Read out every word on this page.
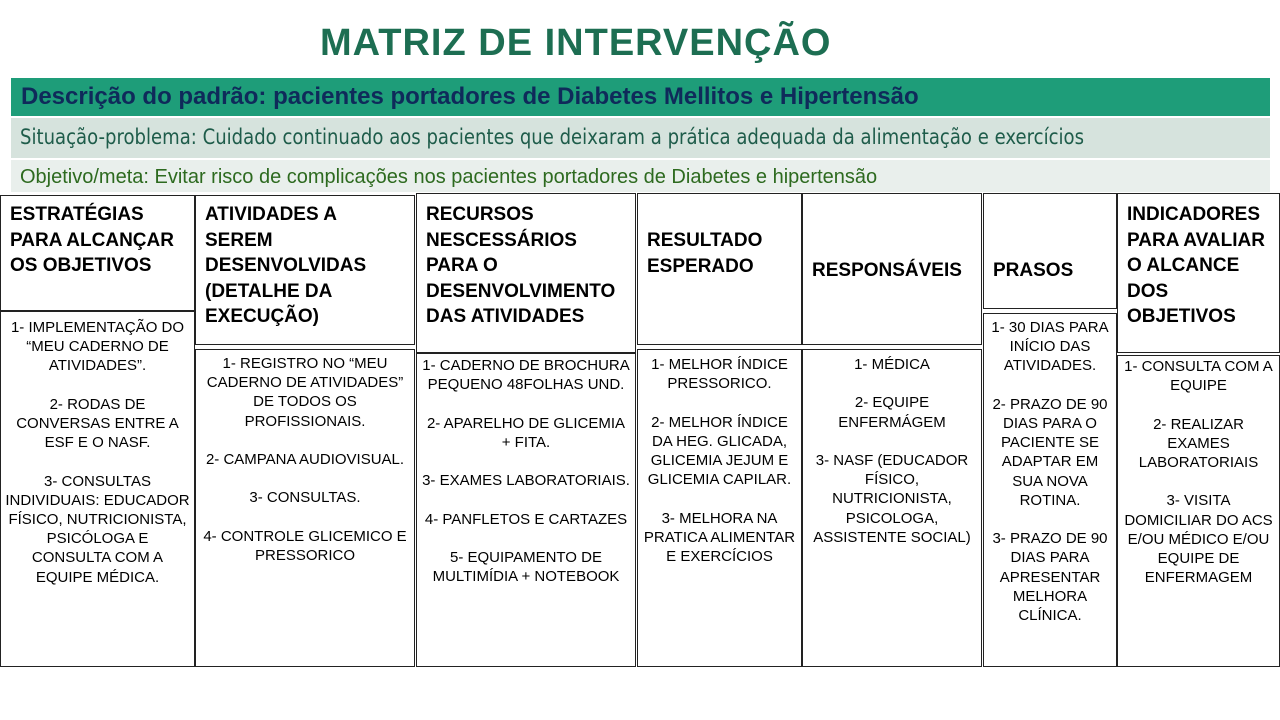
MATRIZ DE INTERVENÇÃO
Descrição do padrão: pacientes portadores de Diabetes Mellitos e Hipertensão
Situação-problema: Cuidado continuado aos pacientes que deixaram a prática adequada da alimentação e exercícios
Objetivo/meta: Evitar risco de complicações nos pacientes portadores de Diabetes e hipertensão
ESTRATÉGIAS PARA ALCANÇAR OS OBJETIVOS
1- IMPLEMENTAÇÃO DO “MEU CADERNO DE ATIVIDADES”.

2- RODAS DE CONVERSAS ENTRE A ESF E O NASF.

3- CONSULTAS INDIVIDUAIS: EDUCADOR FÍSICO, NUTRICIONISTA, PSICÓLOGA E CONSULTA COM A EQUIPE MÉDICA.
ATIVIDADES A SEREM DESENVOLVIDAS (DETALHE DA EXECUÇÃO)
1- REGISTRO NO “MEU CADERNO DE ATIVIDADES” DE TODOS OS PROFISSIONAIS.

2- CAMPANA AUDIOVISUAL.

3- CONSULTAS.

4- CONTROLE GLICEMICO E PRESSORICO
RECURSOS NESCESSÁRIOS PARA O DESENVOLVIMENTO DAS ATIVIDADES
1- CADERNO DE BROCHURA PEQUENO 48FOLHAS UND.

2- APARELHO DE GLICEMIA + FITA.

3- EXAMES LABORATORIAIS.

4- PANFLETOS E CARTAZES

5- EQUIPAMENTO DE MULTIMÍDIA + NOTEBOOK
RESULTADO ESPERADO
1- MELHOR ÍNDICE PRESSORICO.

2- MELHOR ÍNDICE DA HEG. GLICADA, GLICEMIA JEJUM E GLICEMIA CAPILAR.

3- MELHORA NA PRATICA ALIMENTAR E EXERCÍCIOS
RESPONSÁVEIS
1- MÉDICA

2- EQUIPE ENFERMÁGEM

3- NASF (EDUCADOR FÍSICO, NUTRICIONISTA, PSICOLOGA, ASSISTENTE SOCIAL)
PRASOS
1- 30 DIAS PARA INÍCIO DAS ATIVIDADES.

2- PRAZO DE 90 DIAS PARA O PACIENTE SE ADAPTAR EM SUA NOVA ROTINA.

3- PRAZO DE 90 DIAS PARA APRESENTAR MELHORA CLÍNICA.
INDICADORES PARA AVALIAR O ALCANCE DOS OBJETIVOS
1- CONSULTA COM A EQUIPE

2- REALIZAR EXAMES LABORATORIAIS

3- VISITA DOMICILIAR DO ACS E/OU MÉDICO E/OU EQUIPE DE ENFERMAGEM
